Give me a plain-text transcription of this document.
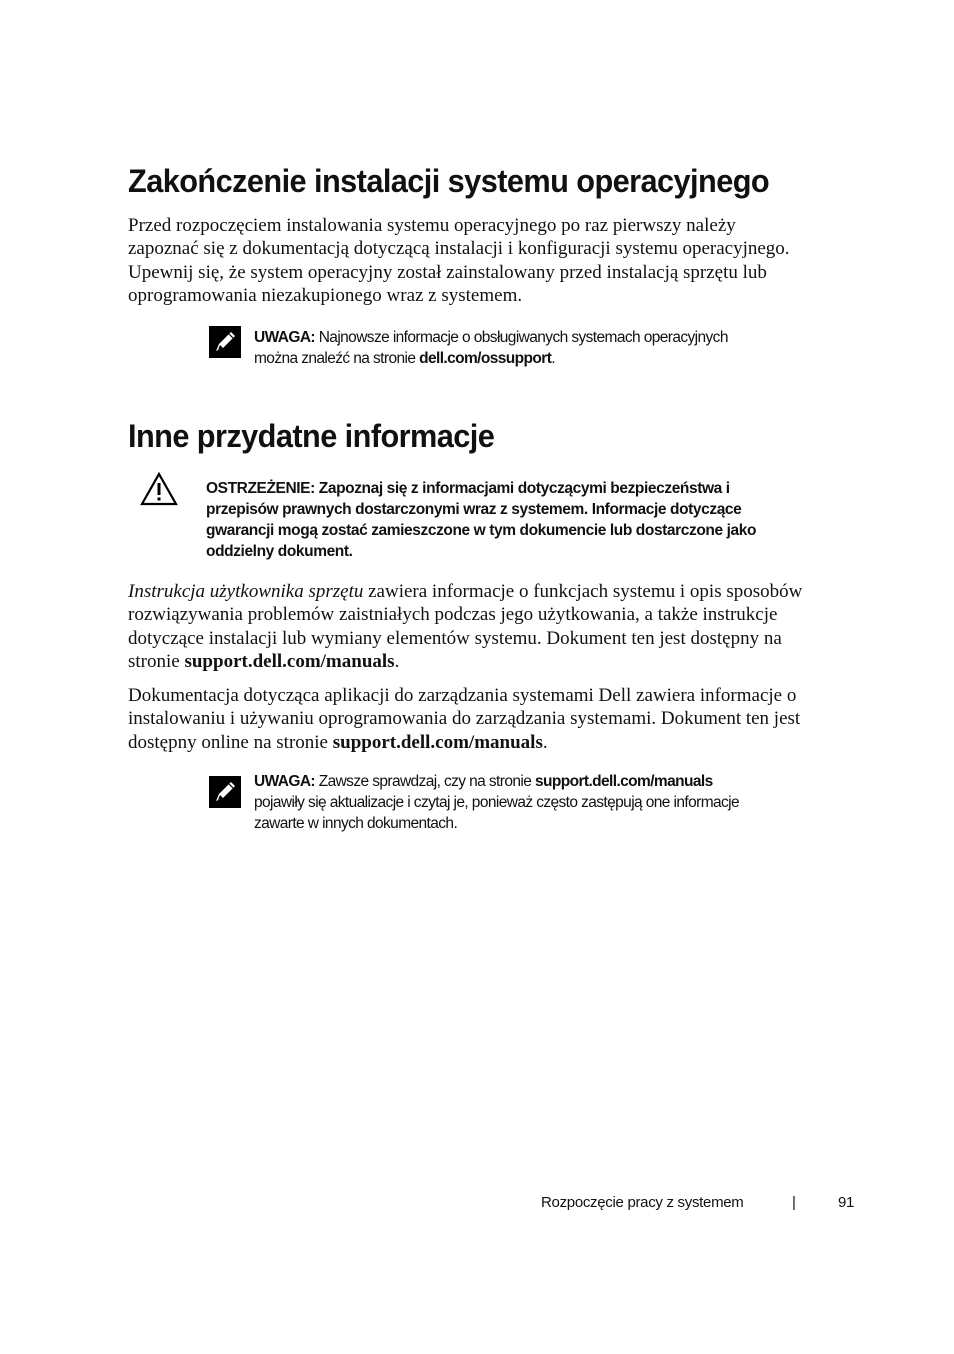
Zakończenie instalacji systemu operacyjnego
Przed rozpoczęciem instalowania systemu operacyjnego po raz pierwszy należy
zapoznać się z dokumentacją dotyczącą instalacji i konfiguracji systemu operacyjnego.
Upewnij się, że system operacyjny został zainstalowany przed instalacją sprzętu lub
oprogramowania niezakupionego wraz z systemem.
UWAGA: Najnowsze informacje o obsługiwanych systemach operacyjnych
można znaleźć na stronie dell.com/ossupport.
Inne przydatne informacje
OSTRZEŻENIE: Zapoznaj się z informacjami dotyczącymi bezpieczeństwa i
przepisów prawnych dostarczonymi wraz z systemem. Informacje dotyczące
gwarancji mogą zostać zamieszczone w tym dokumencie lub dostarczone jako
oddzielny dokument.
Instrukcja użytkownika sprzętu zawiera informacje o funkcjach systemu i opis sposobów
rozwiązywania problemów zaistniałych podczas jego użytkowania, a także instrukcje
dotyczące instalacji lub wymiany elementów systemu. Dokument ten jest dostępny na
stronie support.dell.com/manuals.
Dokumentacja dotycząca aplikacji do zarządzania systemami Dell zawiera informacje o
instalowaniu i używaniu oprogramowania do zarządzania systemami. Dokument ten jest
dostępny online na stronie support.dell.com/manuals.
UWAGA: Zawsze sprawdzaj, czy na stronie support.dell.com/manuals
pojawiły się aktualizacje i czytaj je, ponieważ często zastępują one informacje
zawarte w innych dokumentach.
Rozpoczęcie pracy z systemem	|	91
